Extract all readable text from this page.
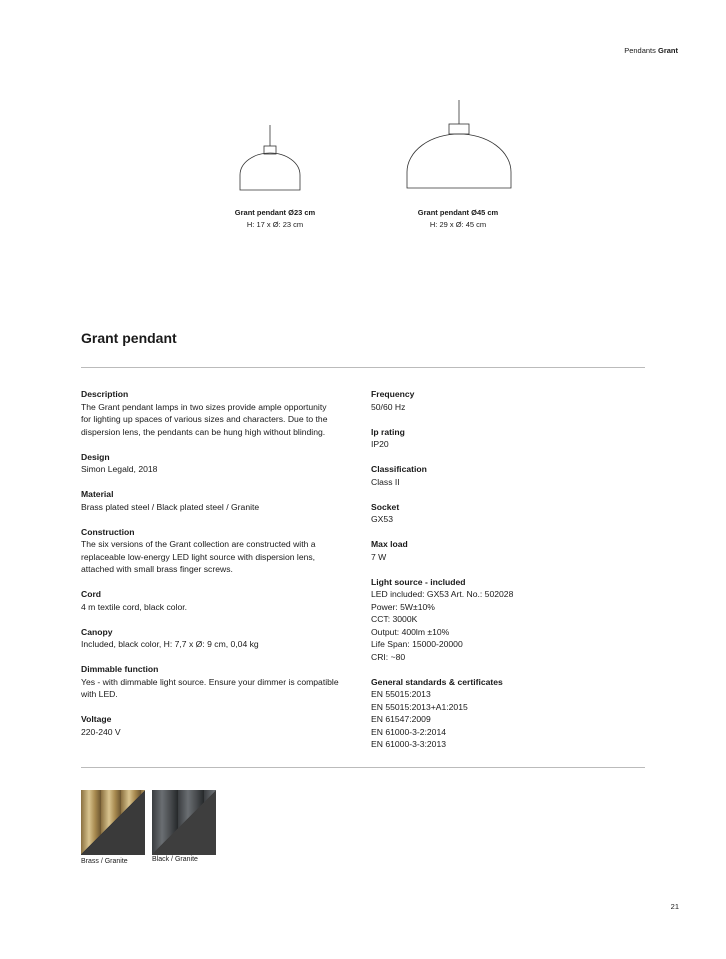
Pendants Grant
Grant pendant Ø23 cm
H: 17 x Ø: 23 cm
Grant pendant Ø45 cm
H: 29 x Ø: 45 cm
Grant pendant
Description
The Grant pendant lamps in two sizes provide ample opportunity
for lighting up spaces of various sizes and characters. Due to the
dispersion lens, the pendants can be hung high without blinding.
Design
Simon Legald, 2018
Material
Brass plated steel / Black plated steel / Granite
Construction
The six versions of the Grant collection are constructed with a
replaceable low-energy LED light source with dispersion lens,
attached with small brass finger screws.
Cord
4 m textile cord, black color.
Canopy
Included, black color, H: 7,7 x Ø: 9 cm, 0,04 kg
Dimmable function
Yes - with dimmable light source. Ensure your dimmer is compatible
with LED.
Voltage
220-240 V
Frequency
50/60 Hz
Ip rating
IP20
Classification
Class II
Socket
GX53
Max load
7 W
Light source - included
LED included: GX53 Art. No.: 502028
Power: 5W±10%
CCT: 3000K
Output: 400lm ±10%
Life Span: 15000-20000
CRI: ~80
General standards & certificates
EN 55015:2013
EN 55015:2013+A1:2015
EN 61547:2009
EN 61000-3-2:2014
EN 61000-3-3:2013
Brass / Granite	Black / Granite
21
